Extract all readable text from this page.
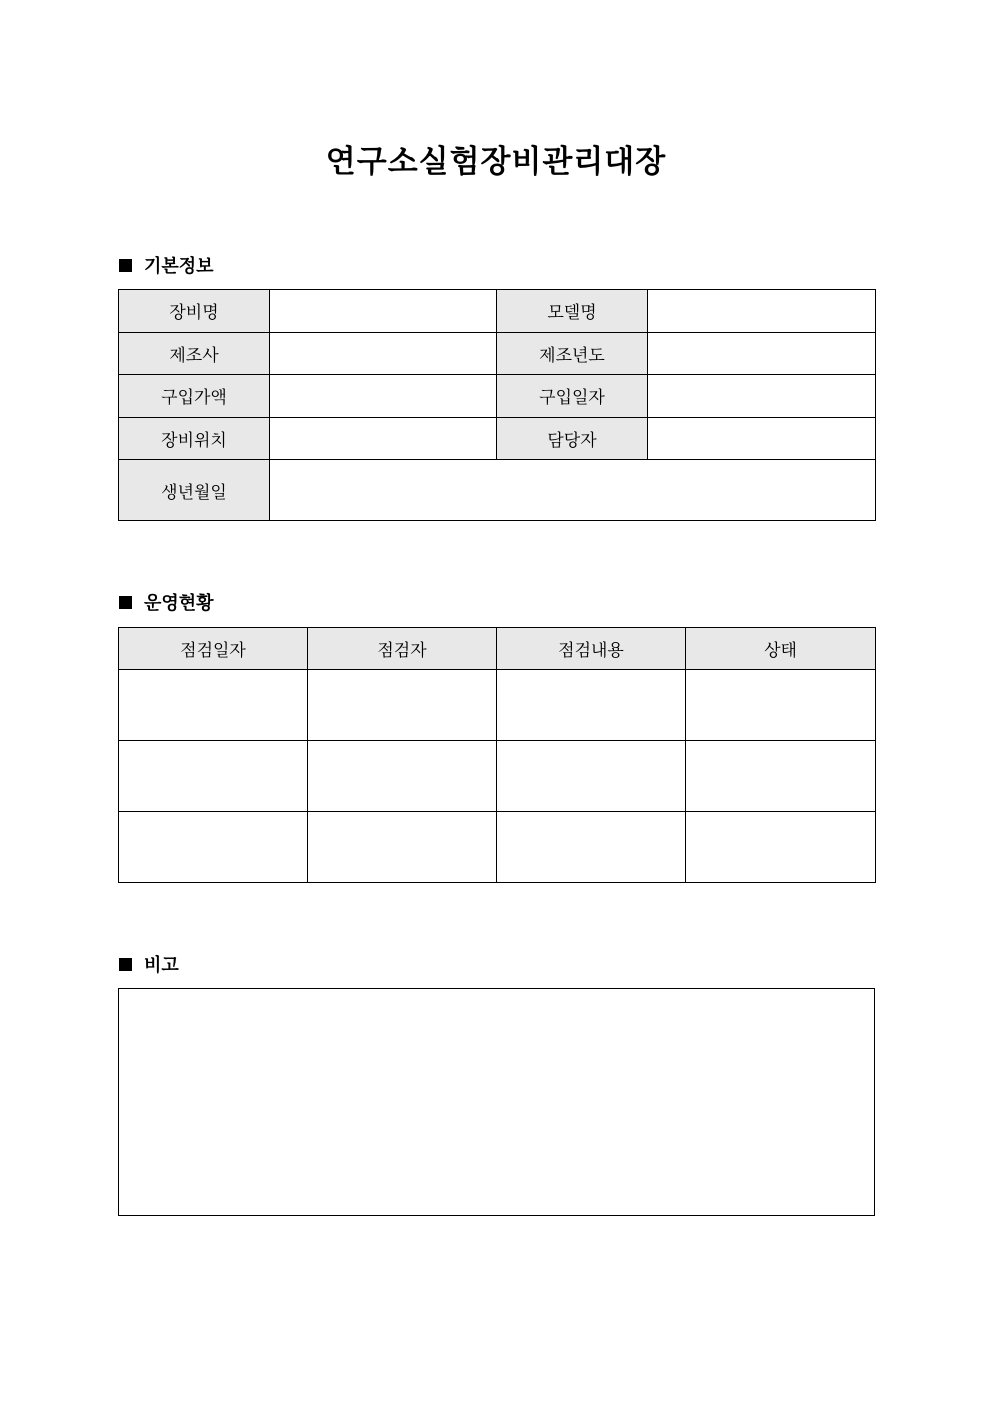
연구소실험장비관리대장
기본정보
장비명		모델명	
제조사		제조년도	
구입가액		구입일자	
장비위치		담당자	
생년월일			
운영현황
점검일자	점검자	점검내용	상태

비고
